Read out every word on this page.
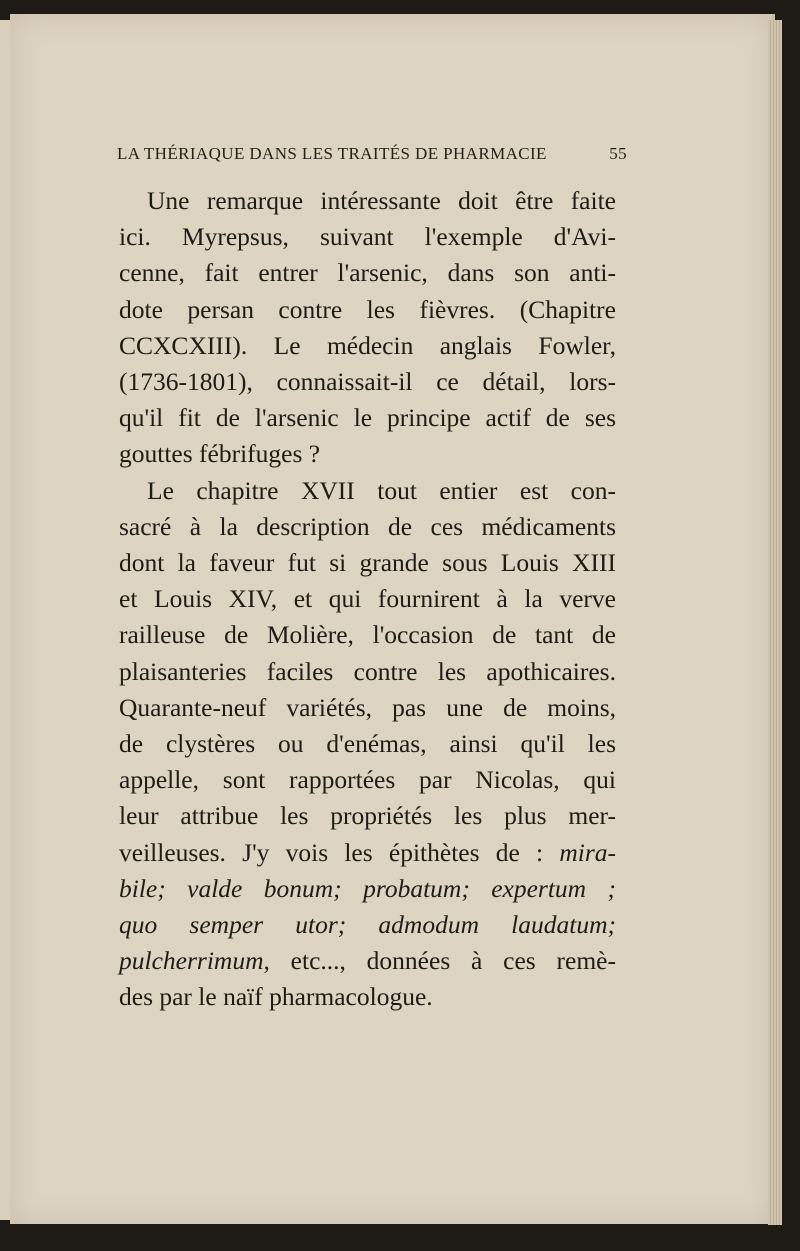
LA THÉRIAQUE DANS LES TRAITÉS DE PHARMACIE	55
Une remarque intéressante doit être faite
ici. Myrepsus, suivant l'exemple d'Avi-
cenne, fait entrer l'arsenic, dans son anti-
dote persan contre les fièvres. (Chapitre
CCXCXIII). Le médecin anglais Fowler,
(1736-1801), connaissait-il ce détail, lors-
qu'il fit de l'arsenic le principe actif de ses
gouttes fébrifuges ?
Le chapitre XVII tout entier est con-
sacré à la description de ces médicaments
dont la faveur fut si grande sous Louis XIII
et Louis XIV, et qui fournirent à la verve
railleuse de Molière, l'occasion de tant de
plaisanteries faciles contre les apothicaires.
Quarante-neuf variétés, pas une de moins,
de clystères ou d'enémas, ainsi qu'il les
appelle, sont rapportées par Nicolas, qui
leur attribue les propriétés les plus mer-
veilleuses. J'y vois les épithètes de : mira-
bile; valde bonum; probatum; expertum ;
quo semper utor; admodum laudatum;
pulcherrimum, etc..., données à ces remè-
des par le naïf pharmacologue.
